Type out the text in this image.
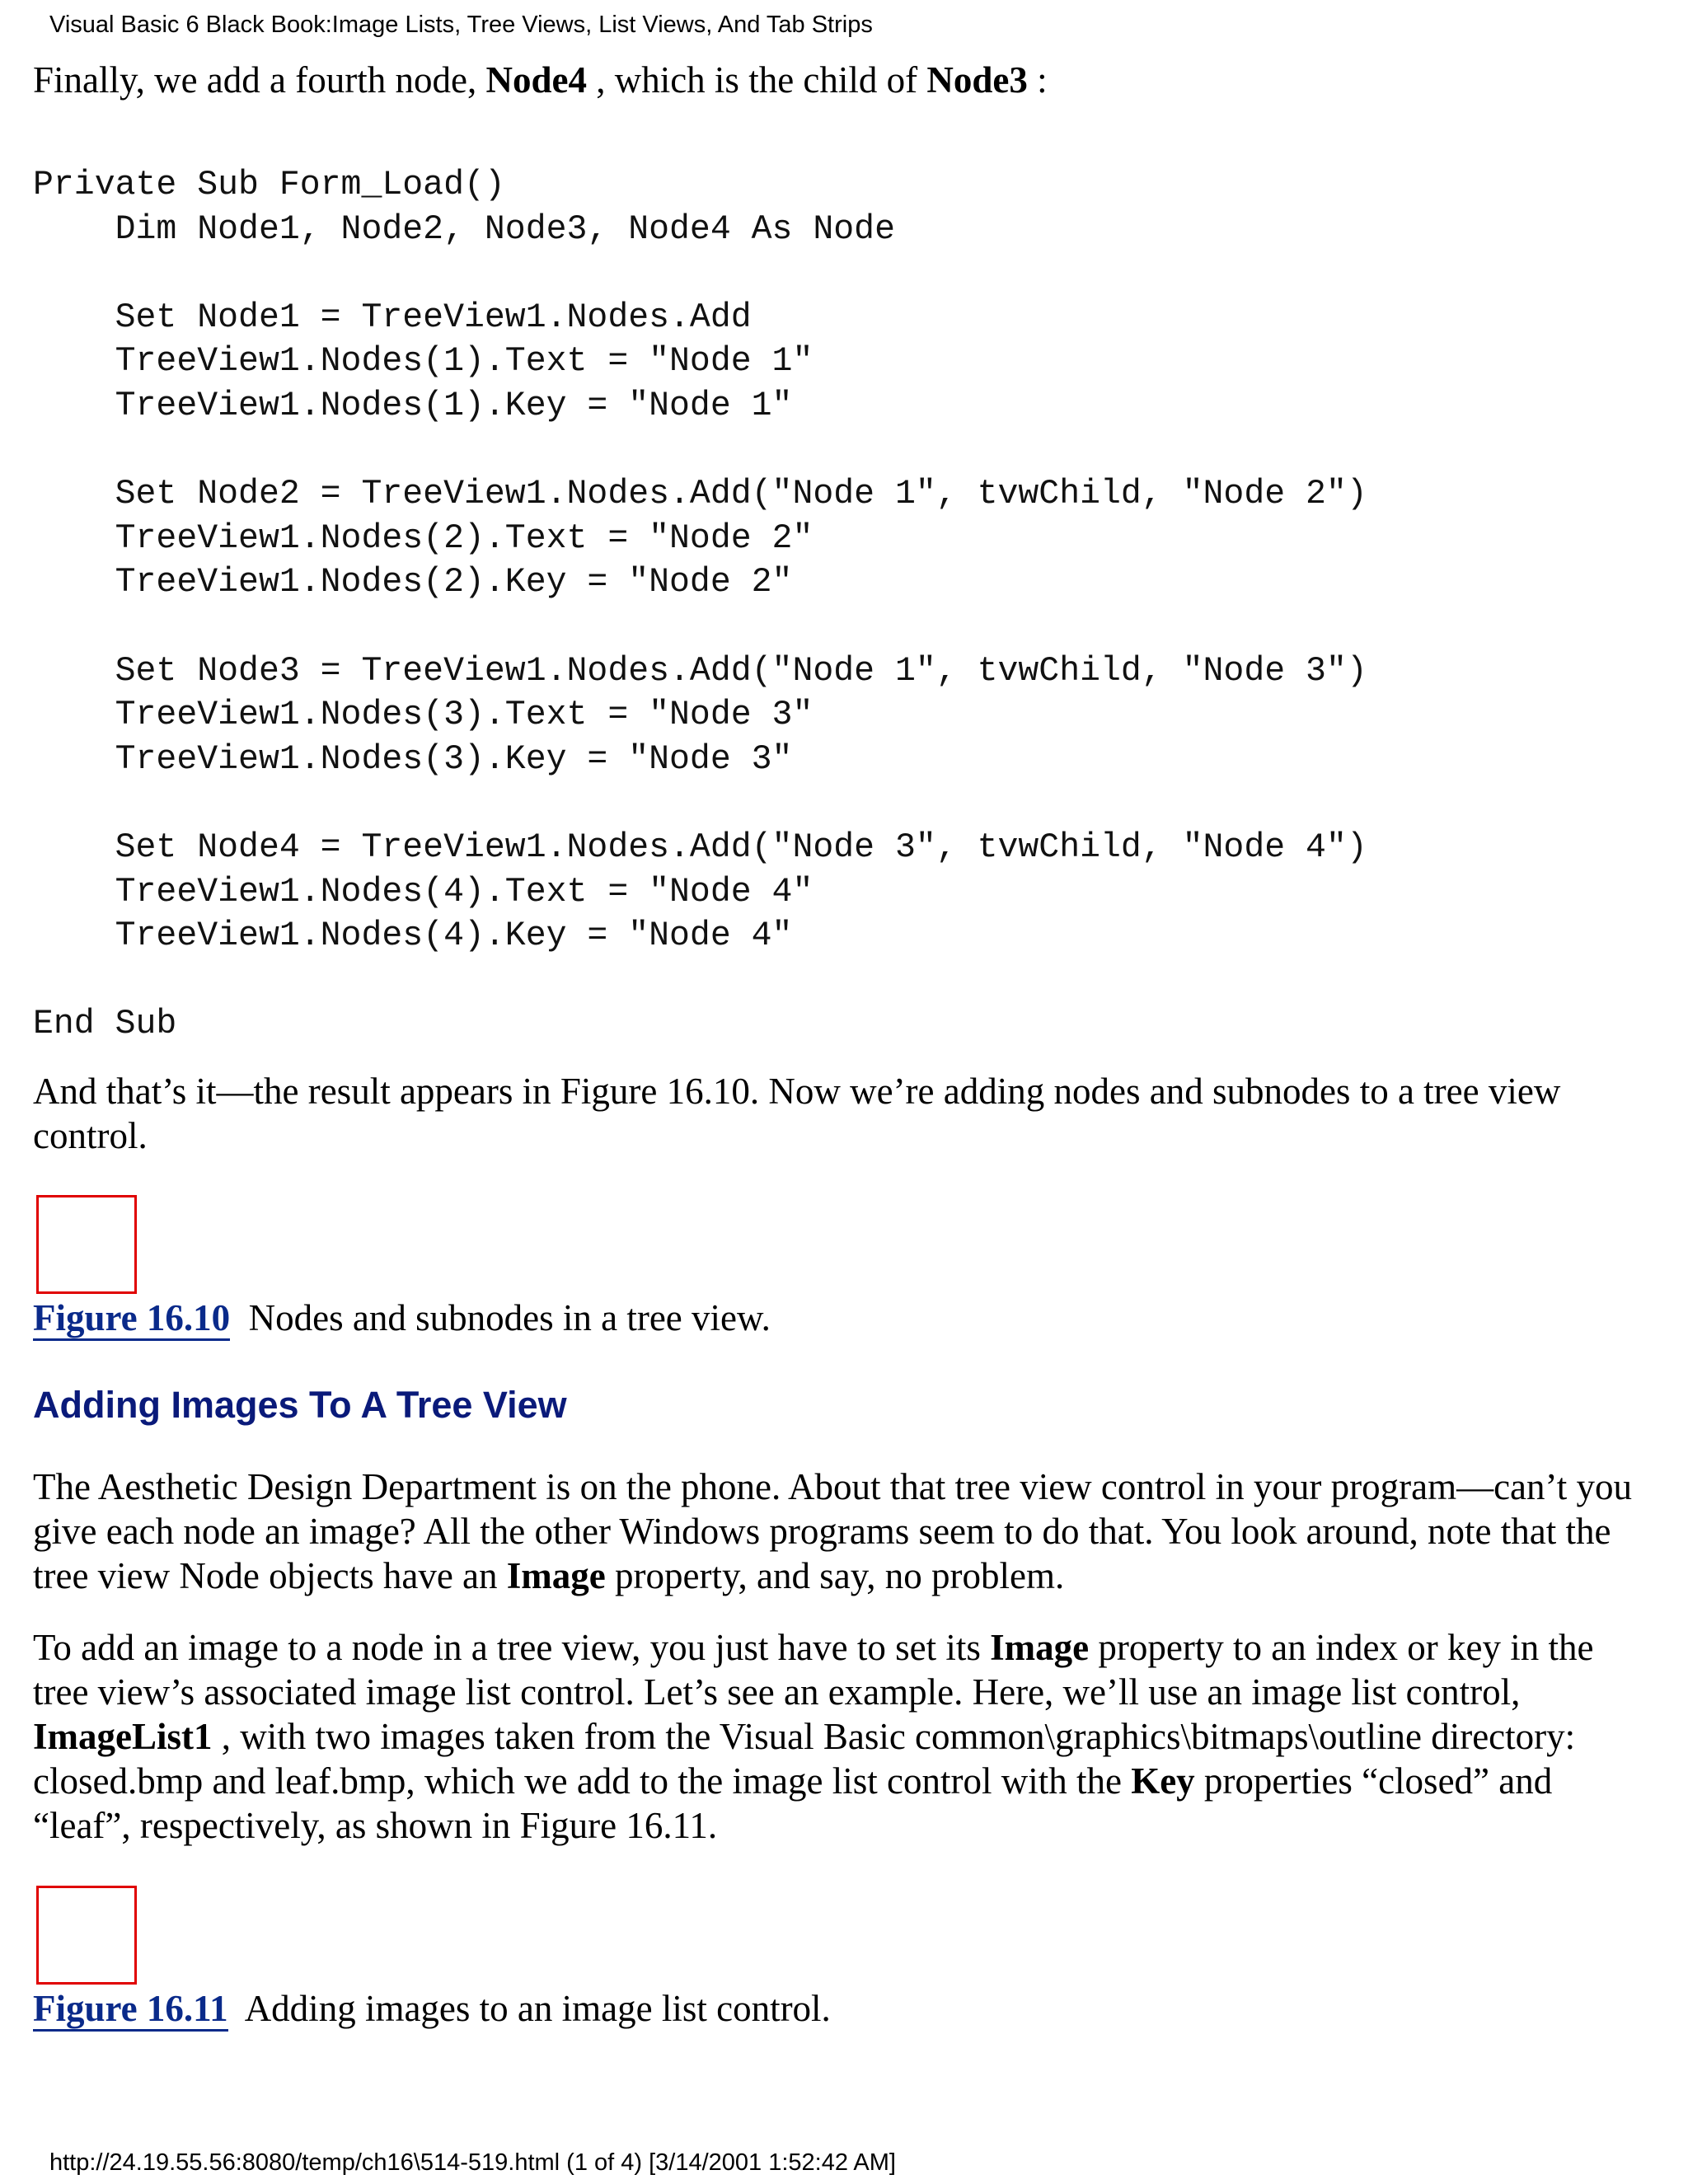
Visual Basic 6 Black Book:Image Lists, Tree Views, List Views, And Tab Strips

Finally, we add a fourth node, Node4 , which is the child of Node3 :

Private Sub Form_Load()
Dim Node1, Node2, Node3, Node4 As Node

Set Node1 = TreeView1.Nodes.Add
TreeView1.Nodes(1).Text = "Node 1"
TreeView1.Nodes(1).Key = "Node 1"

Set Node2 = TreeView1.Nodes.Add("Node 1", tvwChild, "Node 2")
TreeView1.Nodes(2).Text = "Node 2"
TreeView1.Nodes(2).Key = "Node 2"

Set Node3 = TreeView1.Nodes.Add("Node 1", tvwChild, "Node 3")
TreeView1.Nodes(3).Text = "Node 3"
TreeView1.Nodes(3).Key = "Node 3"

Set Node4 = TreeView1.Nodes.Add("Node 3", tvwChild, "Node 4")
TreeView1.Nodes(4).Text = "Node 4"
TreeView1.Nodes(4).Key = "Node 4"

End Sub

And that’s it—the result appears in Figure 16.10. Now we’re adding nodes and subnodes to a tree view control.

Figure 16.10  Nodes and subnodes in a tree view.
Adding Images To A Tree View

The Aesthetic Design Department is on the phone. About that tree view control in your program—can’t you give each node an image? All the other Windows programs seem to do that. You look around, note that the tree view Node objects have an Image property, and say, no problem.

To add an image to a node in a tree view, you just have to set its Image property to an index or key in the tree view’s associated image list control. Let’s see an example. Here, we’ll use an image list control, ImageList1 , with two images taken from the Visual Basic common\graphics\bitmaps\outline directory: closed.bmp and leaf.bmp, which we add to the image list control with the Key properties “closed” and “leaf”, respectively, as shown in Figure 16.11.

Figure 16.11  Adding images to an image list control.
http://24.19.55.56:8080/temp/ch16\514-519.html (1 of 4) [3/14/2001 1:52:42 AM]
